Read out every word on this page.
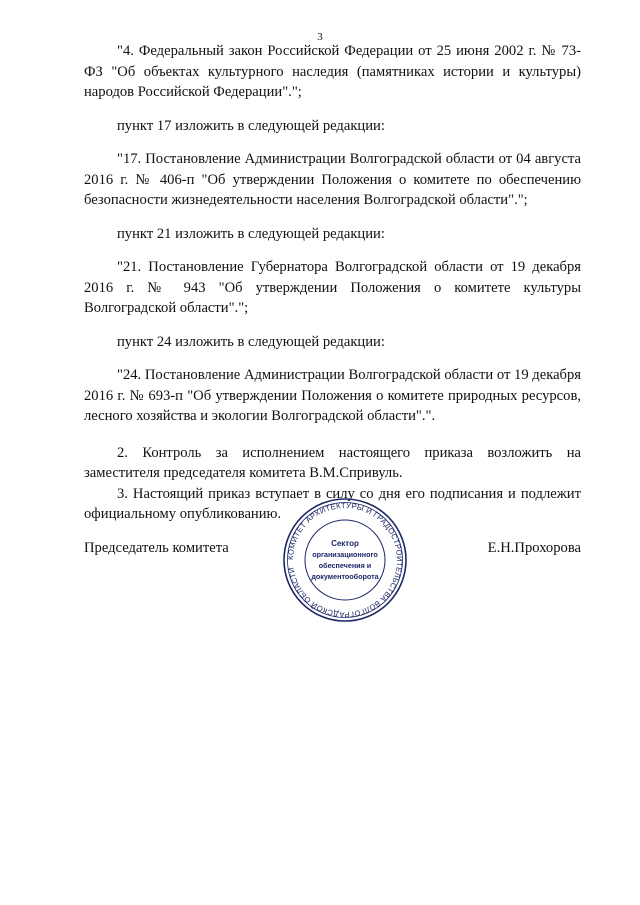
3

"4. Федеральный закон Российской Федерации от 25 июня 2002 г. № 73-ФЗ "Об объектах культурного наследия (памятниках истории и культуры) народов Российской Федерации".";

пункт 17 изложить в следующей редакции:

"17. Постановление Администрации Волгоградской области от 04 августа 2016 г. № 406-п "Об утверждении Положения о комитете по обеспечению безопасности жизнедеятельности населения Волгоградской области".";

пункт 21 изложить в следующей редакции:

"21. Постановление Губернатора Волгоградской области от 19 декабря 2016 г. № 943 "Об утверждении Положения о комитете культуры Волгоградской области".";

пункт 24 изложить в следующей редакции:

"24. Постановление Администрации Волгоградской области от 19 декабря 2016 г. № 693-п "Об утверждении Положения о комитете природных ресурсов, лесного хозяйства и экологии Волгоградской области".".

2. Контроль за исполнением настоящего приказа возложить на заместителя председателя комитета В.М.Спривуль.

3. Настоящий приказ вступает в силу со дня его подписания и подлежит официальному опубликованию.

Председатель комитета
КОМИТЕТ АРХИТЕКТУРЫ И ГРАДОСТРОИТЕЛЬСТВА ВОЛГОГРАДСКОЙ ОБЛАСТИ
Сектор
организационного
обеспечения и
документооборота
Е.Н.Прохорова
